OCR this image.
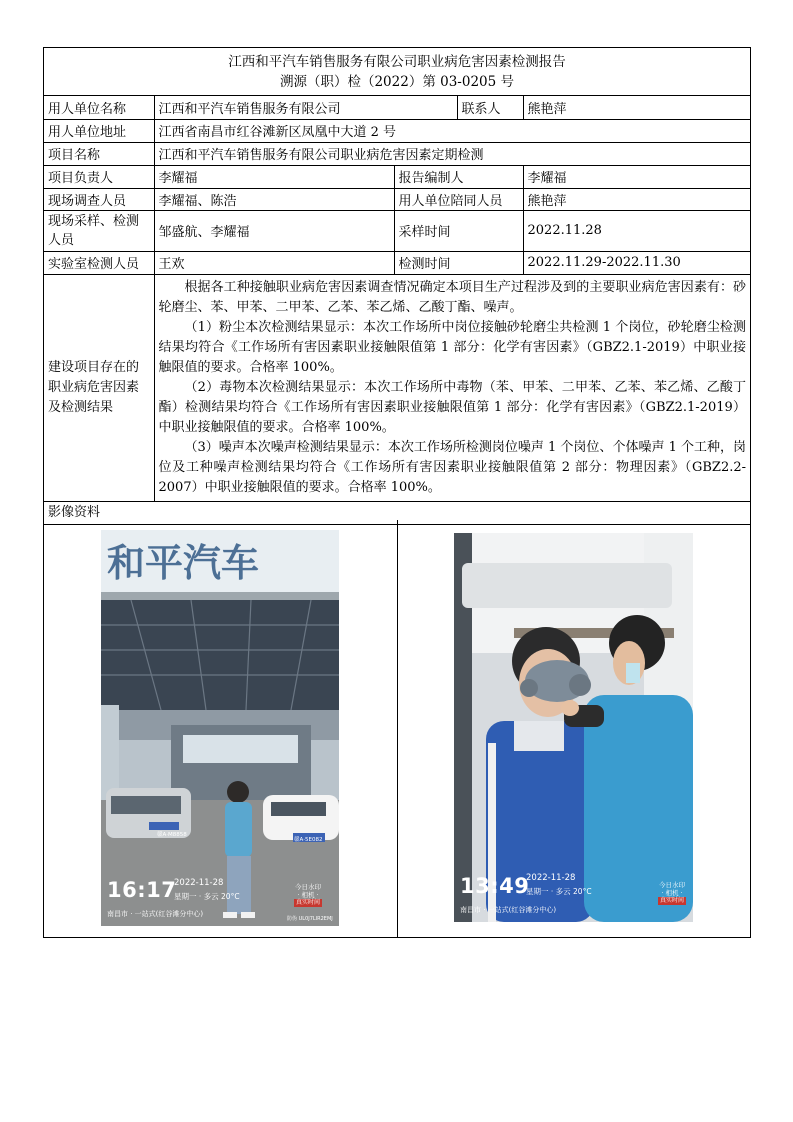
江西和平汽车销售服务有限公司职业病危害因素检测报告
溯源（职）检（2022）第 03-0205 号
用人单位名称	江西和平汽车销售服务有限公司		联系人	熊艳萍
用人单位地址	江西省南昌市红谷滩新区凤凰中大道 2 号			
项目名称	江西和平汽车销售服务有限公司职业病危害因素定期检测			
项目负责人	李耀福	报告编制人		李耀福
现场调查人员	李耀福、陈浩	用人单位陪同人员		熊艳萍
现场采样、检测人员	邹盛航、李耀福	采样时间		2022.11.28
实验室检测人员	王欢	检测时间		2022.11.29-2022.11.30
建设项目存在的职业病危害因素及检测结果	根据各工种接触职业病危害因素调查情况确定本项目生产过程涉及到的主要职业病危害因素有：砂轮磨尘、苯、甲苯、二甲苯、乙苯、苯乙烯、乙酸丁酯、噪声。

（1）粉尘本次检测结果显示：本次工作场所中岗位接触砂轮磨尘共检测 1 个岗位，砂轮磨尘检测结果均符合《工作场所有害因素职业接触限值第 1 部分：化学有害因素》（GBZ2.1-2019）中职业接触限值的要求。合格率 100%。

（2）毒物本次检测结果显示：本次工作场所中毒物（苯、甲苯、二甲苯、乙苯、苯乙烯、乙酸丁酯）检测结果均符合《工作场所有害因素职业接触限值第 1 部分：化学有害因素》（GBZ2.1-2019）中职业接触限值的要求。合格率 100%。

（3）噪声本次噪声检测结果显示：本次工作场所检测岗位噪声 1 个岗位、个体噪声 1 个工种，岗位及工种噪声检测结果均符合《工作场所有害因素职业接触限值第 2 部分：物理因素》（GBZ2.2-2007）中职业接触限值的要求。合格率 100%。			

影像资料
和平汽车
16:17
2022-11-28
星期一 · 多云 20°C
南昌市 · 一站式(红谷滩分中心)
今日水印
· 相机 ·
真实时间
防伪 UL0J7LIR2EMJ
赣A·M8858
赣A·5E082
13:49
2022-11-28
星期一 · 多云 20°C
南昌市 · 一站式(红谷滩分中心)
今日水印
· 相机 ·
真实时间
